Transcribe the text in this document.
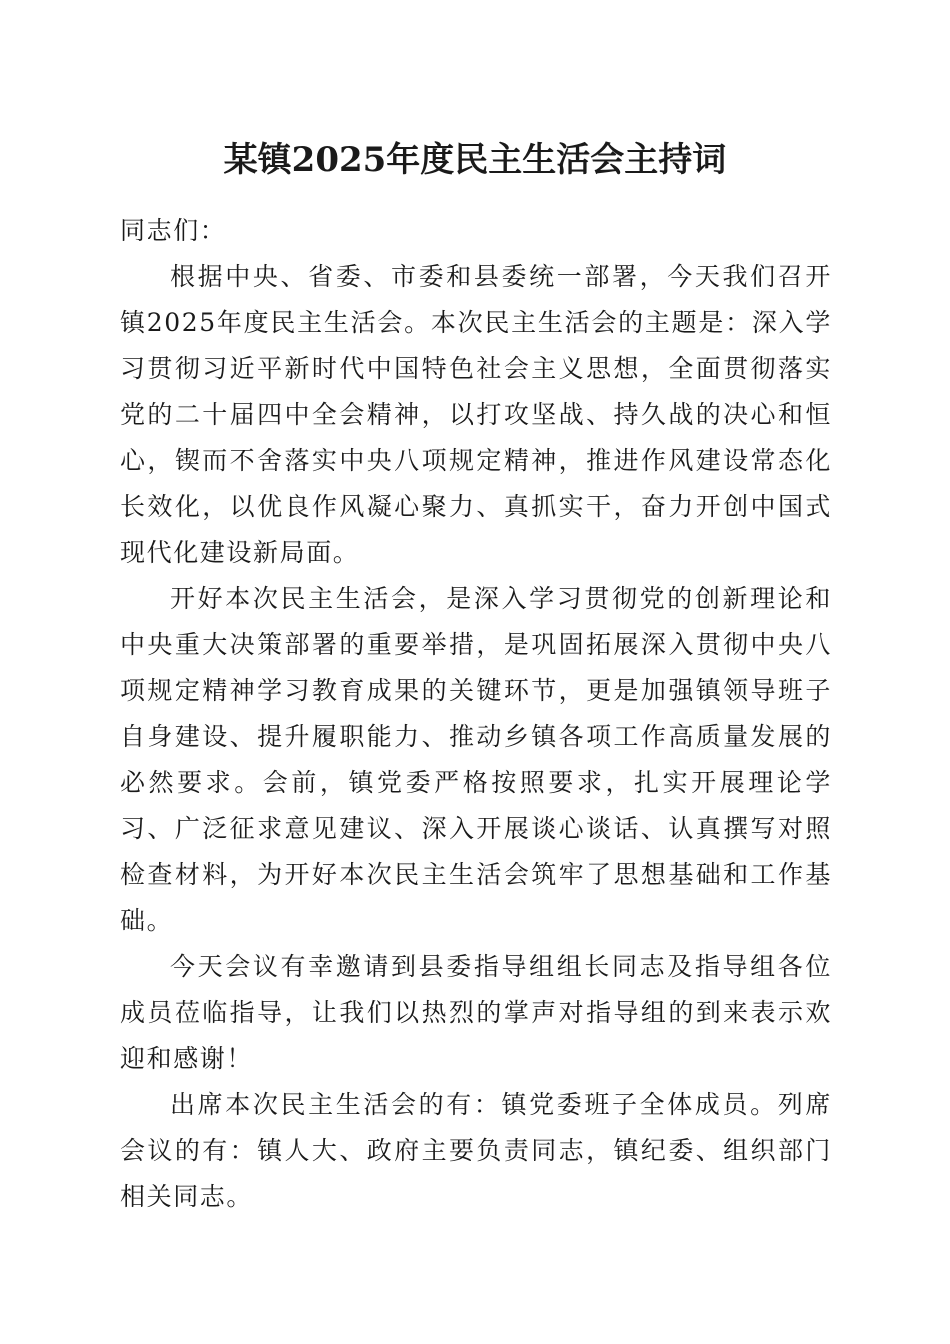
某镇2025年度民主生活会主持词

同志们：

根据中央、省委、市委和县委统一部署，今天我们召开镇2025年度民主生活会。本次民主生活会的主题是：深入学习贯彻习近平新时代中国特色社会主义思想，全面贯彻落实党的二十届四中全会精神，以打攻坚战、持久战的决心和恒心，锲而不舍落实中央八项规定精神，推进作风建设常态化长效化，以优良作风凝心聚力、真抓实干，奋力开创中国式现代化建设新局面。

开好本次民主生活会，是深入学习贯彻党的创新理论和中央重大决策部署的重要举措，是巩固拓展深入贯彻中央八项规定精神学习教育成果的关键环节，更是加强镇领导班子自身建设、提升履职能力、推动乡镇各项工作高质量发展的必然要求。会前，镇党委严格按照要求，扎实开展理论学习、广泛征求意见建议、深入开展谈心谈话、认真撰写对照检查材料，为开好本次民主生活会筑牢了思想基础和工作基础。

今天会议有幸邀请到县委指导组组长同志及指导组各位成员莅临指导，让我们以热烈的掌声对指导组的到来表示欢迎和感谢！

出席本次民主生活会的有：镇党委班子全体成员。列席会议的有：镇人大、政府主要负责同志，镇纪委、组织部门相关同志。
